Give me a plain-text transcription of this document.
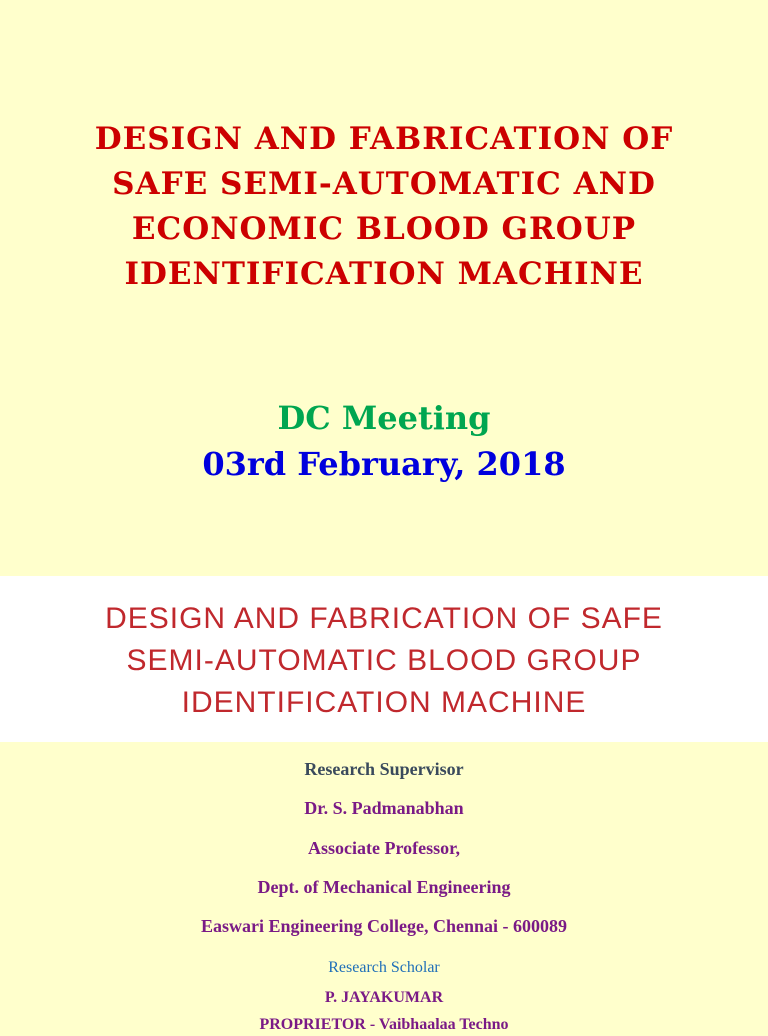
DESIGN AND FABRICATION OF
SAFE SEMI-AUTOMATIC AND
ECONOMIC BLOOD GROUP
IDENTIFICATION MACHINE
DC Meeting
03rd February, 2018
DESIGN AND FABRICATION OF SAFE
SEMI-AUTOMATIC BLOOD GROUP
IDENTIFICATION MACHINE
Research Supervisor
Dr. S. Padmanabhan
Associate Professor,
Dept. of Mechanical Engineering
Easwari Engineering College, Chennai - 600089
Research Scholar
P. JAYAKUMAR
PROPRIETOR - Vaibhaalaa Techno
